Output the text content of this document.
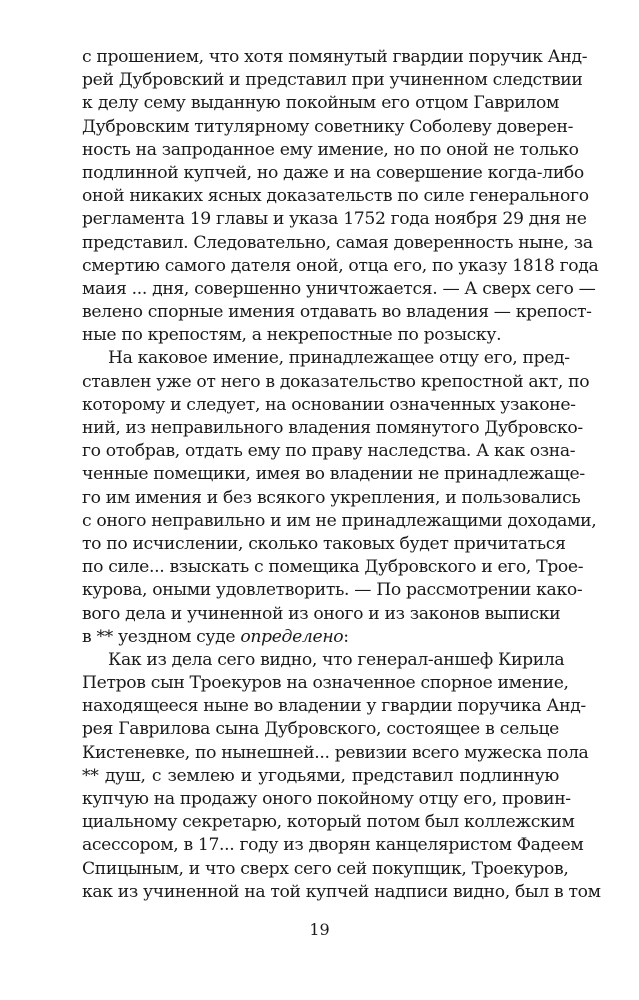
с прошением, что хотя помянутый гвардии поручик Анд-
рей Дубровский и представил при учиненном следствии
к делу сему выданную покойным его отцом Гаврилом
Дубровским титулярному советнику Соболеву доверен-
ность на запроданное ему имение, но по оной не только
подлинной купчей, но даже и на совершение когда-либо
оной никаких ясных доказательств по силе генерального
регламента 19 главы и указа 1752 года ноября 29 дня не
представил. Следовательно, самая доверенность ныне, за
смертию самого дателя оной, отца его, по указу 1818 года
маия ... дня, совершенно уничтожается. — А сверх сего —
велено спорные имения отдавать во владения — крепост-
ные по крепостям, а некрепостные по розыску.
На каковое имение, принадлежащее отцу его, пред-
ставлен уже от него в доказательство крепостной акт, по
которому и следует, на основании означенных узаконе-
ний, из неправильного владения помянутого Дубровско-
го отобрав, отдать ему по праву наследства. А как озна-
ченные помещики, имея во владении не принадлежаще-
го им имения и без всякого укрепления, и пользовались
с оного неправильно и им не принадлежащими доходами,
то по исчислении, сколько таковых будет причитаться
по силе... взыскать с помещика Дубровского и его, Трое-
курова, оными удовлетворить. — По рассмотрении како-
вого дела и учиненной из оного и из законов выписки
в ** уездном суде определено:
Как из дела сего видно, что генерал-аншеф Кирила
Петров сын Троекуров на означенное спорное имение,
находящееся ныне во владении у гвардии поручика Анд-
рея Гаврилова сына Дубровского, состоящее в сельце
Кистеневке, по нынешней... ревизии всего мужеска пола
** душ, с землею и угодьями, представил подлинную
купчую на продажу оного покойному отцу его, провин-
циальному секретарю, который потом был коллежским
асессором, в 17... году из дворян канцеляристом Фадеем
Спицыным, и что сверх сего сей покупщик, Троекуров,
как из учиненной на той купчей надписи видно, был в том
19
